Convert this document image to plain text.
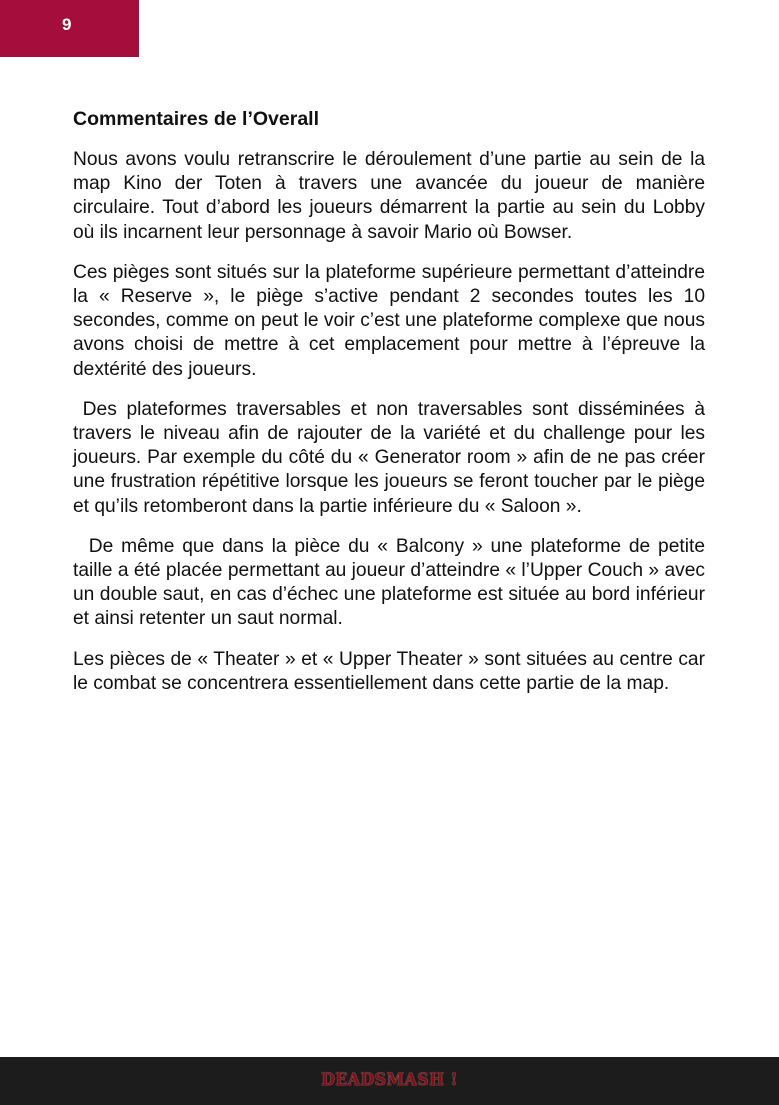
9
Commentaires de l’Overall

Nous avons voulu retranscrire le déroulement d’une partie au sein de la map Kino der Toten à travers une avancée du joueur de manière circulaire. Tout d’abord les joueurs démarrent la partie au sein du Lobby où ils incarnent leur personnage à savoir Mario où Bowser.

Ces pièges sont situés sur la plateforme supérieure permettant d’atteindre la « Reserve », le piège s’active pendant 2 secondes toutes les 10 secondes, comme on peut le voir c’est une plateforme complexe que nous avons choisi de mettre à cet emplacement pour mettre à l’épreuve la dextérité des joueurs.

Des plateformes traversables et non traversables sont disséminées à travers le niveau afin de rajouter de la variété et du challenge pour les joueurs. Par exemple du côté du « Generator room » afin de ne pas créer une frustration répétitive lorsque les joueurs se feront toucher par le piège et qu’ils retomberont dans la partie inférieure du « Saloon ».

De même que dans la pièce du « Balcony » une plateforme de petite taille a été placée permettant au joueur d’atteindre « l’Upper Couch » avec un double saut, en cas d’échec une plateforme est située au bord inférieur et ainsi retenter un saut normal.

Les pièces de « Theater » et « Upper Theater » sont situées au centre car le combat se concentrera essentiellement dans cette partie de la map.

DEADSMASH !
